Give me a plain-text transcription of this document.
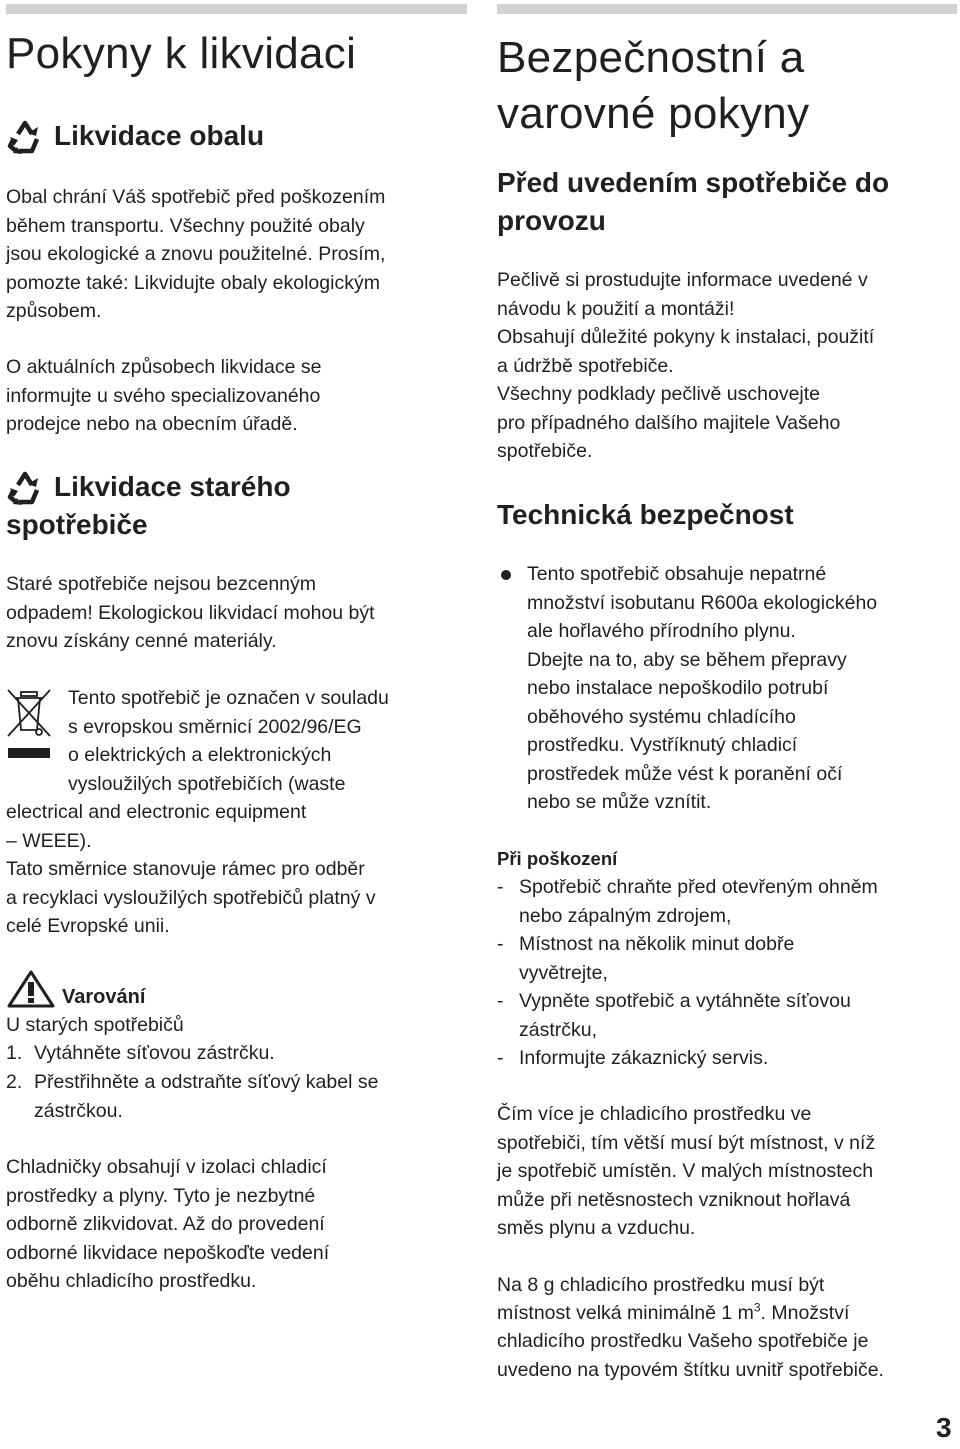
Pokyny k likvidaci
Likvidace obalu

Obal chrání Váš spotřebič před poškozením
během transportu. Všechny použité obaly
jsou ekologické a znovu použitelné. Prosím,
pomozte také: Likvidujte obaly ekologickým
způsobem.

O aktuálních způsobech likvidace se
informujte u svého specializovaného
prodejce nebo na obecním úřadě.

Likvidace starého
spotřebiče

Staré spotřebiče nejsou bezcenným
odpadem! Ekologickou likvidací mohou být
znovu získány cenné materiály.

Tento spotřebič je označen v souladu
s evropskou směrnicí 2002/96/EG
o elektrických a elektronických
vysloužilých spotřebičích (waste

electrical and electronic equipment
– WEEE).
Tato směrnice stanovuje rámec pro odběr
a recyklaci vysloužilých spotřebičů platný v
celé Evropské unii.

Varování

U starých spotřebičů

1. Vytáhněte síťovou zástrčku.

2. Přestřihněte a odstraňte síťový kabel se
zástrčkou.

Chladničky obsahují v izolaci chladicí
prostředky a plyny. Tyto je nezbytné
odborně zlikvidovat. Až do provedení
odborné likvidace nepoškoďte vedení
oběhu chladicího prostředku.

Bezpečnostní a
varovné pokyny
Před uvedením spotřebiče do
provozu

Pečlivě si prostudujte informace uvedené v
návodu k použití a montáži!
Obsahují důležité pokyny k instalaci, použití
a údržbě spotřebiče.
Všechny podklady pečlivě uschovejte
pro případného dalšího majitele Vašeho
spotřebiče.

Technická bezpečnost

Tento spotřebič obsahuje nepatrné
množství isobutanu R600a ekologického
ale hořlavého přírodního plynu.
Dbejte na to, aby se během přepravy
nebo instalace nepoškodilo potrubí
oběhového systému chladícího
prostředku. Vystříknutý chladicí
prostředek může vést k poranění očí
nebo se může vznítit.

Při poškození

- Spotřebič chraňte před otevřeným ohněm
nebo zápalným zdrojem,

- Místnost na několik minut dobře
vyvětrejte,

- Vypněte spotřebič a vytáhněte síťovou
zástrčku,

- Informujte zákaznický servis.

Čím více je chladicího prostředku ve
spotřebiči, tím větší musí být místnost, v níž
je spotřebič umístěn. V malých místnostech
může při netěsnostech vzniknout hořlavá
směs plynu a vzduchu.

Na 8 g chladicího prostředku musí být

místnost velká minimálně 1 $m^3$. Množství

chladicího prostředku Vašeho spotřebiče je
uvedeno na typovém štítku uvnitř spotřebiče.

3
